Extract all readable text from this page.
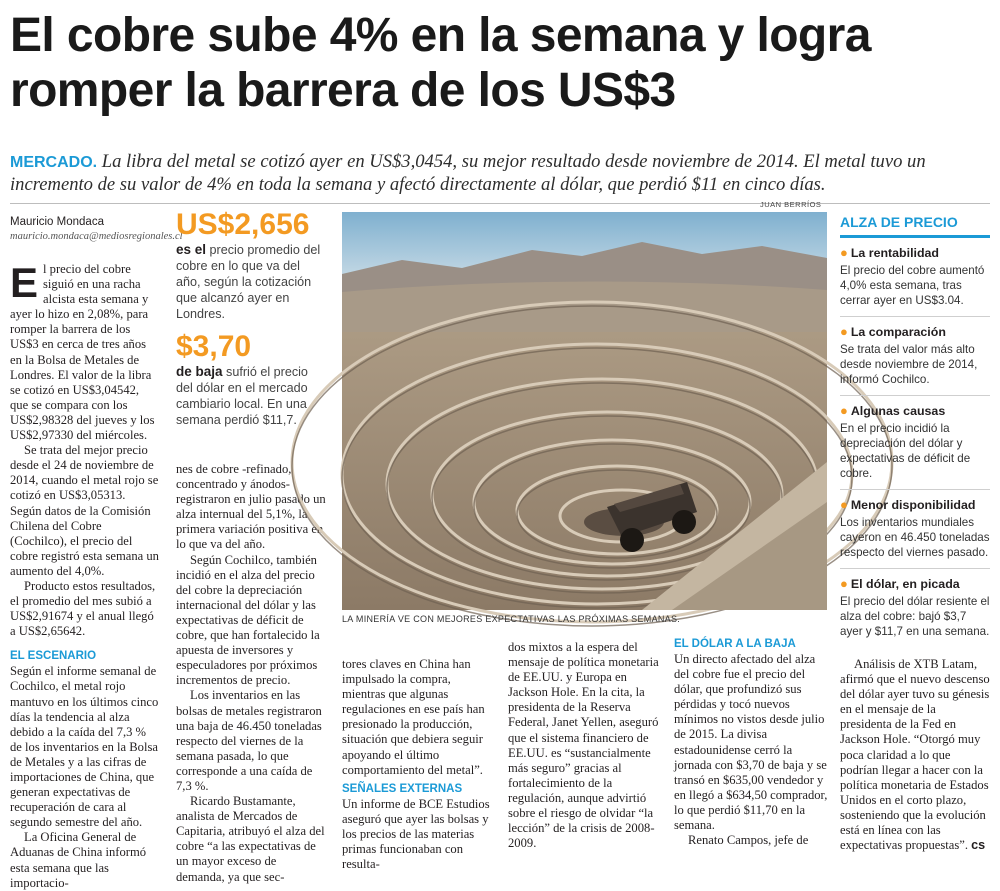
El cobre sube 4% en la semana y logra romper la barrera de los US$3
MERCADO. La libra del metal se cotizó ayer en US$3,0454, su mejor resultado desde noviembre de 2014. El metal tuvo un incremento de su valor de 4% en toda la semana y afectó directamente al dólar, que perdió $11 en cinco días.
Mauricio Mondaca
mauricio.mondaca@mediosregionales.cl

El precio del cobre siguió en una racha alcista esta semana y ayer lo hizo en 2,08%, para romper la barrera de los US$3 en cerca de tres años en la Bolsa de Metales de Londres. El valor de la libra se cotizó en US$3,04542, que se compara con los US$2,98328 del jueves y los US$2,97330 del miércoles.

Se trata del mejor precio desde el 24 de noviembre de 2014, cuando el metal rojo se cotizó en US$3,05313. Según datos de la Comisión Chilena del Cobre (Cochilco), el precio del cobre registró esta semana un aumento del 4,0%.

Producto estos resultados, el promedio del mes subió a US$2,91674 y el anual llegó a US$2,65642.

EL ESCENARIO

Según el informe semanal de Cochilco, el metal rojo mantuvo en los últimos cinco días la tendencia al alza debido a la caída del 7,3 % de los inventarios en la Bolsa de Metales y a las cifras de importaciones de China, que generan expectativas de recuperación de cara al segundo semestre del año.

La Oficina General de Aduanas de China informó esta semana que las importacio-

US$2,656
es el precio promedio del cobre en lo que va del año, según la cotización que alcanzó ayer en Londres.
$3,70
de baja sufrió el precio del dólar en el mercado cambiario local. En una semana perdió $11,7.

nes de cobre -refinado, concentrado y ánodos-registraron en julio pasado un alza internual del 5,1%, la primera variación positiva en lo que va del año.

Según Cochilco, también incidió en el alza del precio del cobre la depreciación internacional del dólar y las expectativas de déficit de cobre, que han fortalecido la apuesta de inversores y especuladores por próximos incrementos de precio.

Los inventarios en las bolsas de metales registraron una baja de 46.450 toneladas respecto del viernes de la semana pasada, lo que corresponde a una caída de 7,3 %.

Ricardo Bustamante, analista de Mercados de Capitaria, atribuyó el alza del cobre “a las expectativas de un mayor exceso de demanda, ya que sec-

JUAN BERRÍOS
LA MINERÍA VE CON MEJORES EXPECTATIVAS LAS PRÓXIMAS SEMANAS.

tores claves en China han impulsado la compra, mientras que algunas regulaciones en ese país han presionado la producción, situación que debiera seguir apoyando el último comportamiento del metal”.

SEÑALES EXTERNAS

Un informe de BCE Estudios aseguró que ayer las bolsas y los precios de las materias primas funcionaban con resulta-

dos mixtos a la espera del mensaje de política monetaria de EE.UU. y Europa en Jackson Hole. En la cita, la presidenta de la Reserva Federal, Janet Yellen, aseguró que el sistema financiero de EE.UU. es “sustancialmente más seguro” gracias al fortalecimiento de la regulación, aunque advirtió sobre el riesgo de olvidar “la lección” de la crisis de 2008-2009.

EL DÓLAR A LA BAJA

Un directo afectado del alza del cobre fue el precio del dólar, que profundizó sus pérdidas y tocó nuevos mínimos no vistos desde julio de 2015. La divisa estadounidense cerró la jornada con $3,70 de baja y se transó en $635,00 vendedor y en llegó a $634,50 comprador, lo que perdió $11,70 en la semana.

Renato Campos, jefe de

Análisis de XTB Latam, afirmó que el nuevo descenso del dólar ayer tuvo su génesis en el mensaje de la presidenta de la Fed en Jackson Hole. “Otorgó muy poca claridad a lo que podrían llegar a hacer con la política monetaria de Estados Unidos en el corto plazo, sosteniendo que la evolución está en línea con las expectativas propuestas”. cs

ALZA DE PRECIO
● La rentabilidad
El precio del cobre aumentó 4,0% esta semana, tras cerrar ayer en US$3.04.
● La comparación
Se trata del valor más alto desde noviembre de 2014, informó Cochilco.
● Algunas causas
En el precio incidió la depreciación del dólar y expectativas de déficit de cobre.
● Menor disponibilidad
Los inventarios mundiales cayeron en 46.450 toneladas respecto del viernes pasado.
● El dólar, en picada
El precio del dólar resiente el alza del cobre: bajó $3,7 ayer y $11,7 en una semana.
